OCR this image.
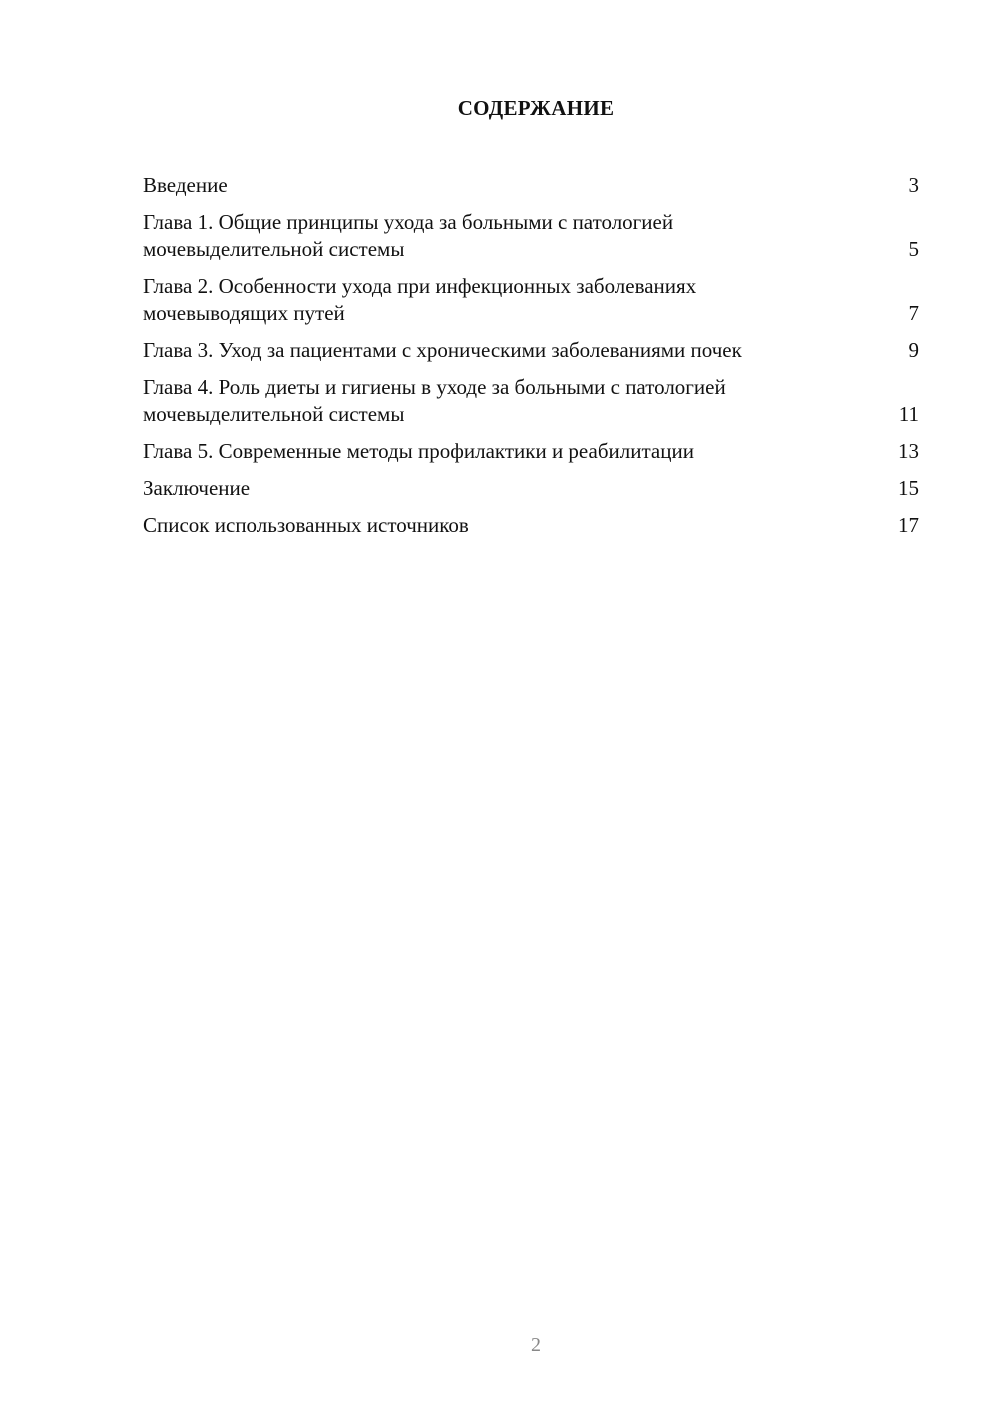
СОДЕРЖАНИЕ
Введение	3
Глава 1. Общие принципы ухода за больными с патологией мочевыделительной системы	5
Глава 2. Особенности ухода при инфекционных заболеваниях мочевыводящих путей	7
Глава 3. Уход за пациентами с хроническими заболеваниями почек	9
Глава 4. Роль диеты и гигиены в уходе за больными с патологией мочевыделительной системы	11
Глава 5. Современные методы профилактики и реабилитации	13
Заключение	15
Список использованных источников	17
2
